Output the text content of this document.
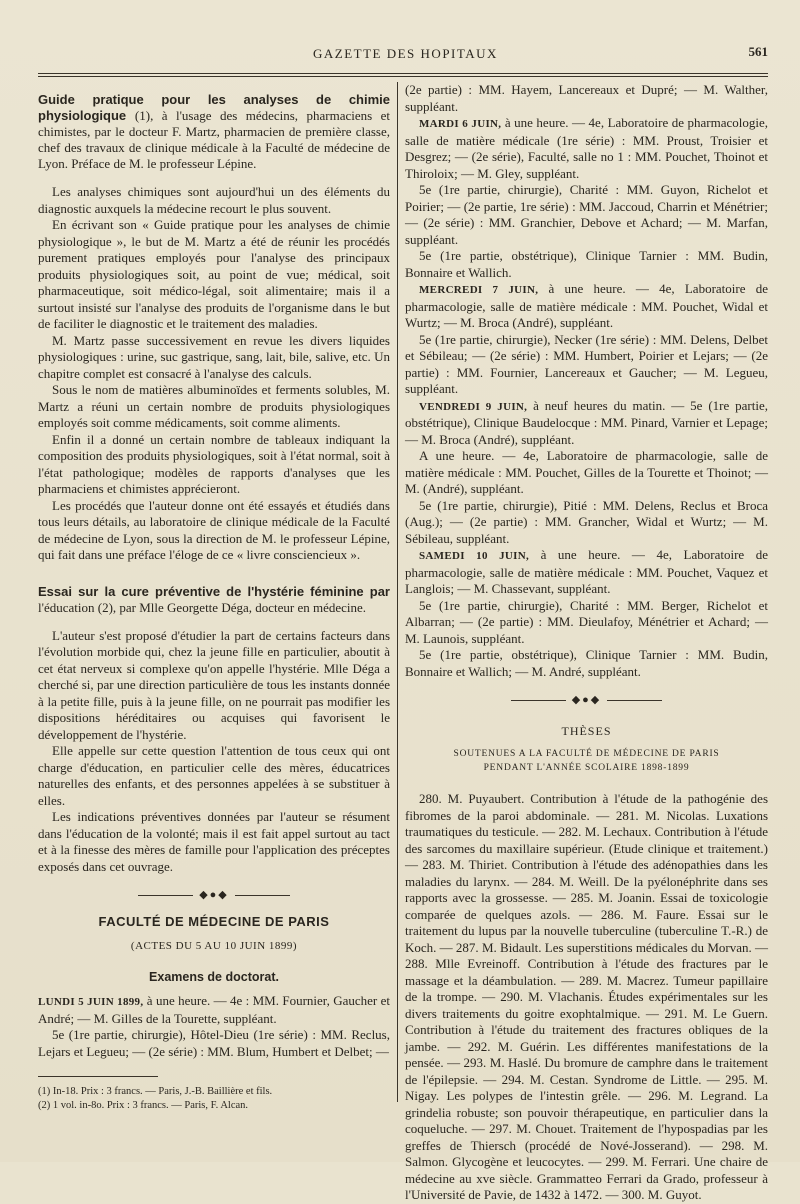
GAZETTE DES HOPITAUX	561
Guide pratique pour les analyses de chimie physiologique (1), à l'usage des médecins, pharmaciens et chimistes, par le docteur F. Martz, pharmacien de première classe, chef des travaux de clinique médicale à la Faculté de médecine de Lyon. Préface de M. le professeur Lépine.

Les analyses chimiques sont aujourd'hui un des éléments du diagnostic auxquels la médecine recourt le plus souvent.

En écrivant son « Guide pratique pour les analyses de chimie physiologique », le but de M. Martz a été de réunir les procédés purement pratiques employés pour l'analyse des principaux produits physiologiques soit, au point de vue; médical, soit pharmaceutique, soit médico-légal, soit alimentaire; mais il a surtout insisté sur l'analyse des produits de l'organisme dans le but de faciliter le diagnostic et le traitement des maladies.

M. Martz passe successivement en revue les divers liquides physiologiques : urine, suc gastrique, sang, lait, bile, salive, etc. Un chapitre complet est consacré à l'analyse des calculs.

Sous le nom de matières albuminoïdes et ferments solubles, M. Martz a réuni un certain nombre de produits physiologiques employés soit comme médicaments, soit comme aliments.

Enfin il a donné un certain nombre de tableaux indiquant la composition des produits physiologiques, soit à l'état normal, soit à l'état pathologique; modèles de rapports d'analyses que les pharmaciens et chimistes apprécieront.

Les procédés que l'auteur donne ont été essayés et étudiés dans tous leurs détails, au laboratoire de clinique médicale de la Faculté de médecine de Lyon, sous la direction de M. le professeur Lépine, qui fait dans une préface l'éloge de ce « livre consciencieux ».

Essai sur la cure préventive de l'hystérie féminine par l'éducation (2), par Mlle Georgette Déga, docteur en médecine.

L'auteur s'est proposé d'étudier la part de certains facteurs dans l'évolution morbide qui, chez la jeune fille en particulier, aboutit à cet état nerveux si complexe qu'on appelle l'hystérie. Mlle Déga a cherché si, par une direction particulière de tous les instants donnée à la petite fille, puis à la jeune fille, on ne pourrait pas modifier les dispositions héréditaires ou acquises qui favorisent le développement de l'hystérie.

Elle appelle sur cette question l'attention de tous ceux qui ont charge d'éducation, en particulier celle des mères, éducatrices naturelles des enfants, et des personnes appelées à se substituer à elles.

Les indications préventives données par l'auteur se résument dans l'éducation de la volonté; mais il est fait appel surtout au tact et à la finesse des mères de famille pour l'application des préceptes exposés dans cet ouvrage.

◆●◆
FACULTÉ DE MÉDECINE DE PARIS
(ACTES DU 5 AU 10 JUIN 1899)
Examens de doctorat.

LUNDI 5 JUIN 1899, à une heure. — 4e : MM. Fournier, Gaucher et André; — M. Gilles de la Tourette, suppléant.

5e (1re partie, chirurgie), Hôtel-Dieu (1re série) : MM. Reclus, Lejars et Legueu; — (2e série) : MM. Blum, Humbert et Delbet; —

(1) In-18. Prix : 3 francs. — Paris, J.-B. Baillière et fils.
(2) 1 vol. in-8o. Prix : 3 francs. — Paris, F. Alcan.

(2e partie) : MM. Hayem, Lancereaux et Dupré; — M. Walther, suppléant.

MARDI 6 JUIN, à une heure. — 4e, Laboratoire de pharmacologie, salle de matière médicale (1re série) : MM. Proust, Troisier et Desgrez; — (2e série), Faculté, salle no 1 : MM. Pouchet, Thoinot et Thiroloix; — M. Gley, suppléant.

5e (1re partie, chirurgie), Charité : MM. Guyon, Richelot et Poirier; — (2e partie, 1re série) : MM. Jaccoud, Charrin et Ménétrier; — (2e série) : MM. Granchier, Debove et Achard; — M. Marfan, suppléant.

5e (1re partie, obstétrique), Clinique Tarnier : MM. Budin, Bonnaire et Wallich.

MERCREDI 7 JUIN, à une heure. — 4e, Laboratoire de pharmacologie, salle de matière médicale : MM. Pouchet, Widal et Wurtz; — M. Broca (André), suppléant.

5e (1re partie, chirurgie), Necker (1re série) : MM. Delens, Delbet et Sébileau; — (2e série) : MM. Humbert, Poirier et Lejars; — (2e partie) : MM. Fournier, Lancereaux et Gaucher; — M. Legueu, suppléant.

VENDREDI 9 JUIN, à neuf heures du matin. — 5e (1re partie, obstétrique), Clinique Baudelocque : MM. Pinard, Varnier et Lepage; — M. Broca (André), suppléant.

A une heure. — 4e, Laboratoire de pharmacologie, salle de matière médicale : MM. Pouchet, Gilles de la Tourette et Thoinot; — M. (André), suppléant.

5e (1re partie, chirurgie), Pitié : MM. Delens, Reclus et Broca (Aug.); — (2e partie) : MM. Grancher, Widal et Wurtz; — M. Sébileau, suppléant.

SAMEDI 10 JUIN, à une heure. — 4e, Laboratoire de pharmacologie, salle de matière médicale : MM. Pouchet, Vaquez et Langlois; — M. Chassevant, suppléant.

5e (1re partie, chirurgie), Charité : MM. Berger, Richelot et Albarran; — (2e partie) : MM. Dieulafoy, Ménétrier et Achard; — M. Launois, suppléant.

5e (1re partie, obstétrique), Clinique Tarnier : MM. Budin, Bonnaire et Wallich; — M. André, suppléant.

◆●◆
THÈSES
SOUTENUES A LA FACULTÉ DE MÉDECINE DE PARIS
PENDANT L'ANNÉE SCOLAIRE 1898-1899

280. M. Puyaubert. Contribution à l'étude de la pathogénie des fibromes de la paroi abdominale. — 281. M. Nicolas. Luxations traumatiques du testicule. — 282. M. Lechaux. Contribution à l'étude des sarcomes du maxillaire supérieur. (Etude clinique et traitement.) — 283. M. Thiriet. Contribution à l'étude des adénopathies dans les maladies du larynx. — 284. M. Weill. De la pyélonéphrite dans ses rapports avec la grossesse. — 285. M. Joanin. Essai de toxicologie comparée de quelques azols. — 286. M. Faure. Essai sur le traitement du lupus par la nouvelle tuberculine (tuberculine T.-R.) de Koch. — 287. M. Bidault. Les superstitions médicales du Morvan. — 288. Mlle Evreinoff. Contribution à l'étude des fractures par le massage et la déambulation. — 289. M. Macrez. Tumeur papillaire de la trompe. — 290. M. Vlachanis. Études expérimentales sur les divers traitements du goitre exophtalmique. — 291. M. Le Guern. Contribution à l'étude du traitement des fractures obliques de la jambe. — 292. M. Guérin. Les différentes manifestations de la pensée. — 293. M. Haslé. Du bromure de camphre dans le traitement de l'épilepsie. — 294. M. Cestan. Syndrome de Little. — 295. M. Nigay. Les polypes de l'intestin grêle. — 296. M. Legrand. La grindelia robuste; son pouvoir thérapeutique, en particulier dans la coqueluche. — 297. M. Chouet. Traitement de l'hypospadias par les greffes de Thiersch (procédé de Nové-Josserand). — 298. M. Salmon. Glycogène et leucocytes. — 299. M. Ferrari. Une chaire de médecine au xve siècle. Grammatteo Ferrari da Grado, professeur à l'Université de Pavie, de 1432 à 1472. — 300. M. Guyot.
